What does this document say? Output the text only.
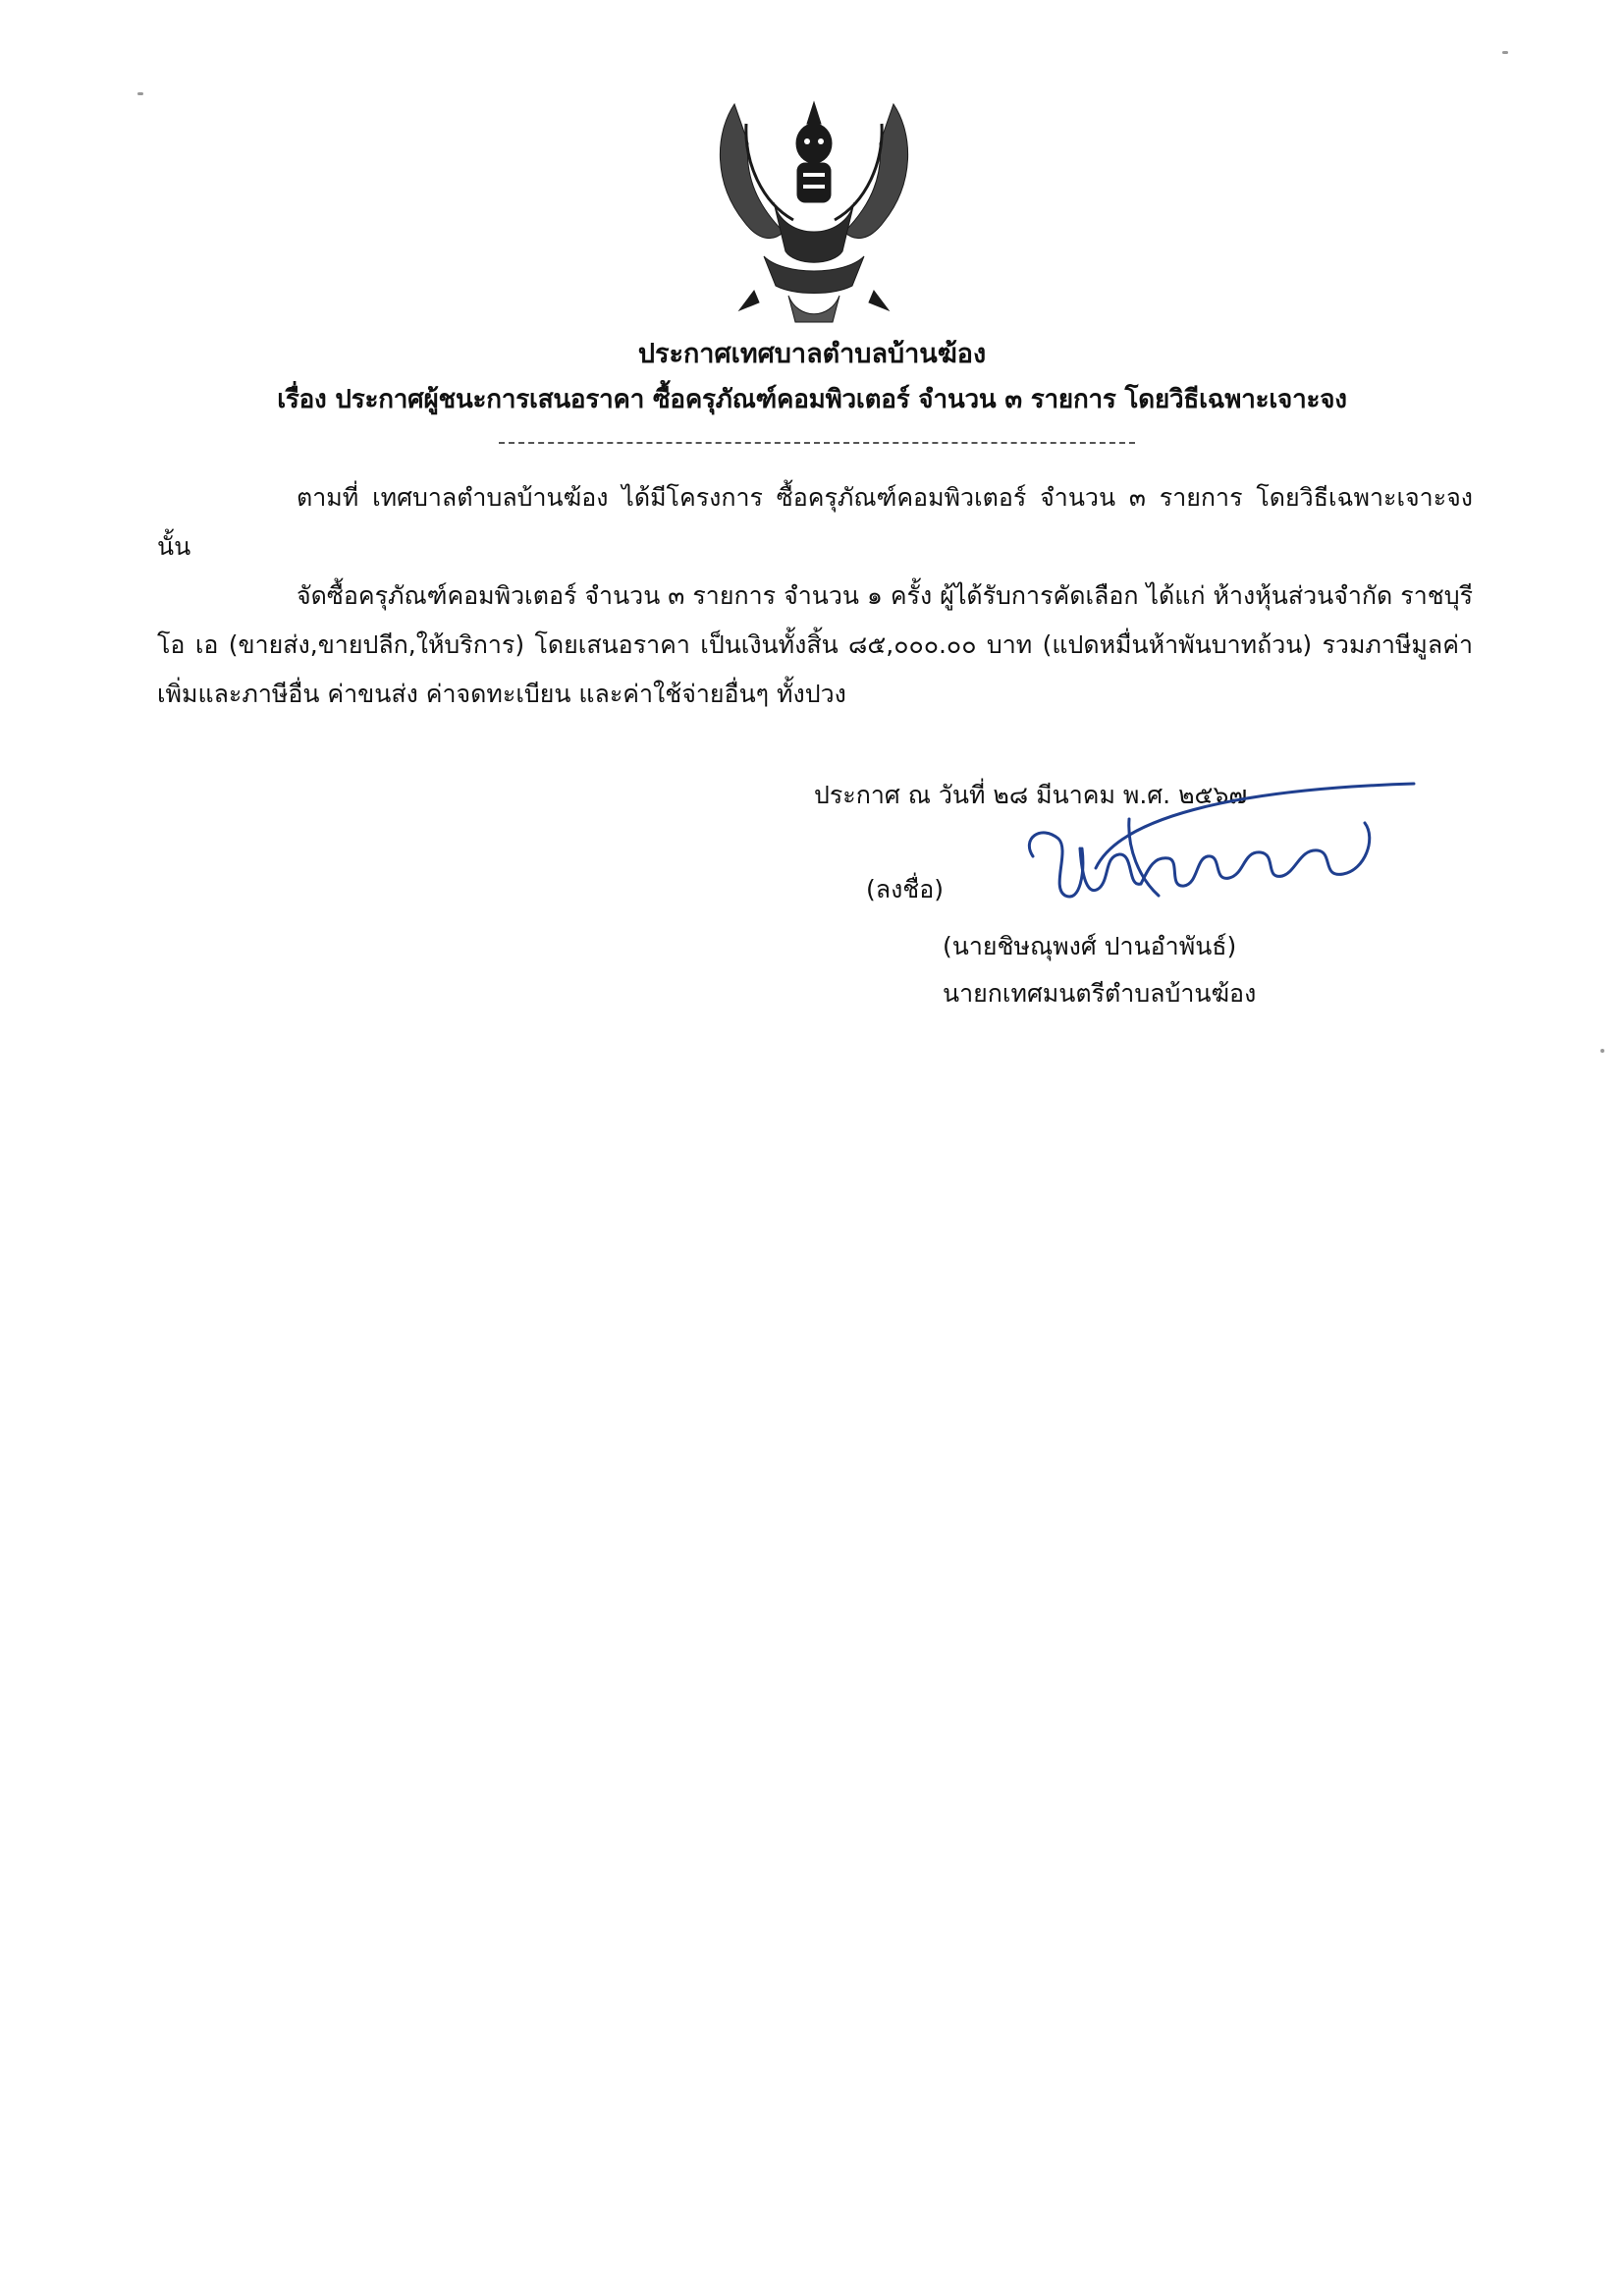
ประกาศเทศบาลตำบลบ้านฆ้อง
เรื่อง ประกาศผู้ชนะการเสนอราคา ซื้อครุภัณฑ์คอมพิวเตอร์ จำนวน ๓ รายการ โดยวิธีเฉพาะเจาะจง
ตามที่ เทศบาลตำบลบ้านฆ้อง ได้มีโครงการ ซื้อครุภัณฑ์คอมพิวเตอร์ จำนวน ๓ รายการ โดยวิธีเฉพาะเจาะจง นั้น
จัดซื้อครุภัณฑ์คอมพิวเตอร์ จำนวน ๓ รายการ จำนวน ๑ ครั้ง ผู้ได้รับการคัดเลือก ได้แก่ ห้างหุ้นส่วนจำกัด ราชบุรี โอ เอ (ขายส่ง,ขายปลีก,ให้บริการ) โดยเสนอราคา เป็นเงินทั้งสิ้น ๘๕,๐๐๐.๐๐ บาท (แปดหมื่นห้าพันบาทถ้วน) รวมภาษีมูลค่าเพิ่มและภาษีอื่น ค่าขนส่ง ค่าจดทะเบียน และค่าใช้จ่ายอื่นๆ ทั้งปวง
ประกาศ ณ วันที่ ๒๘ มีนาคม พ.ศ. ๒๕๖๗
(ลงชื่อ)
(นายชิษณุพงศ์ ปานอำพันธ์)
นายกเทศมนตรีตำบลบ้านฆ้อง
